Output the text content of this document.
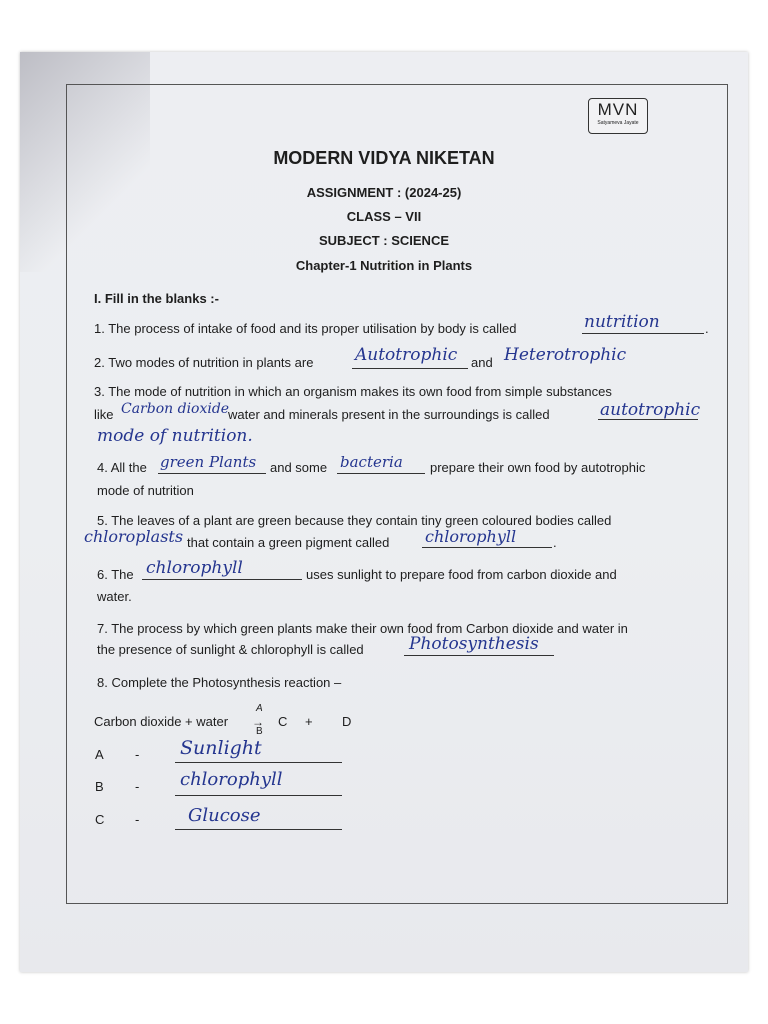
MVN
Satyameva Jayate
MODERN VIDYA NIKETAN
ASSIGNMENT : (2024-25)
CLASS – VII
SUBJECT : SCIENCE
Chapter-1 Nutrition in Plants
I. Fill in the blanks :-
1. The process of intake of food and its proper utilisation by body is called	nutrition	.
2. Two modes of nutrition in plants are Autotrophic and Heterotrophic
3. The mode of nutrition in which an organism makes its own food from simple substances
like Carbon dioxide
water and minerals present in the surroundings is called	autotrophic
mode of nutrition.
4. All the green Plants and some bacteria prepare their own food by autotrophic
mode of nutrition
5. The leaves of a plant are green because they contain tiny green coloured bodies called
chloroplasts that contain a green pigment called chlorophyll	.
6. The chlorophyll	uses sunlight to prepare food from carbon dioxide and
water.
7. The process by which green plants make their own food from Carbon dioxide and water in
the presence of sunlight & chlorophyll is called	Photosynthesis
8. Complete the Photosynthesis reaction –
Carbon dioxide + water
A
→
B
C + D
A - Sunlight
B - chlorophyll
C -	Glucose
